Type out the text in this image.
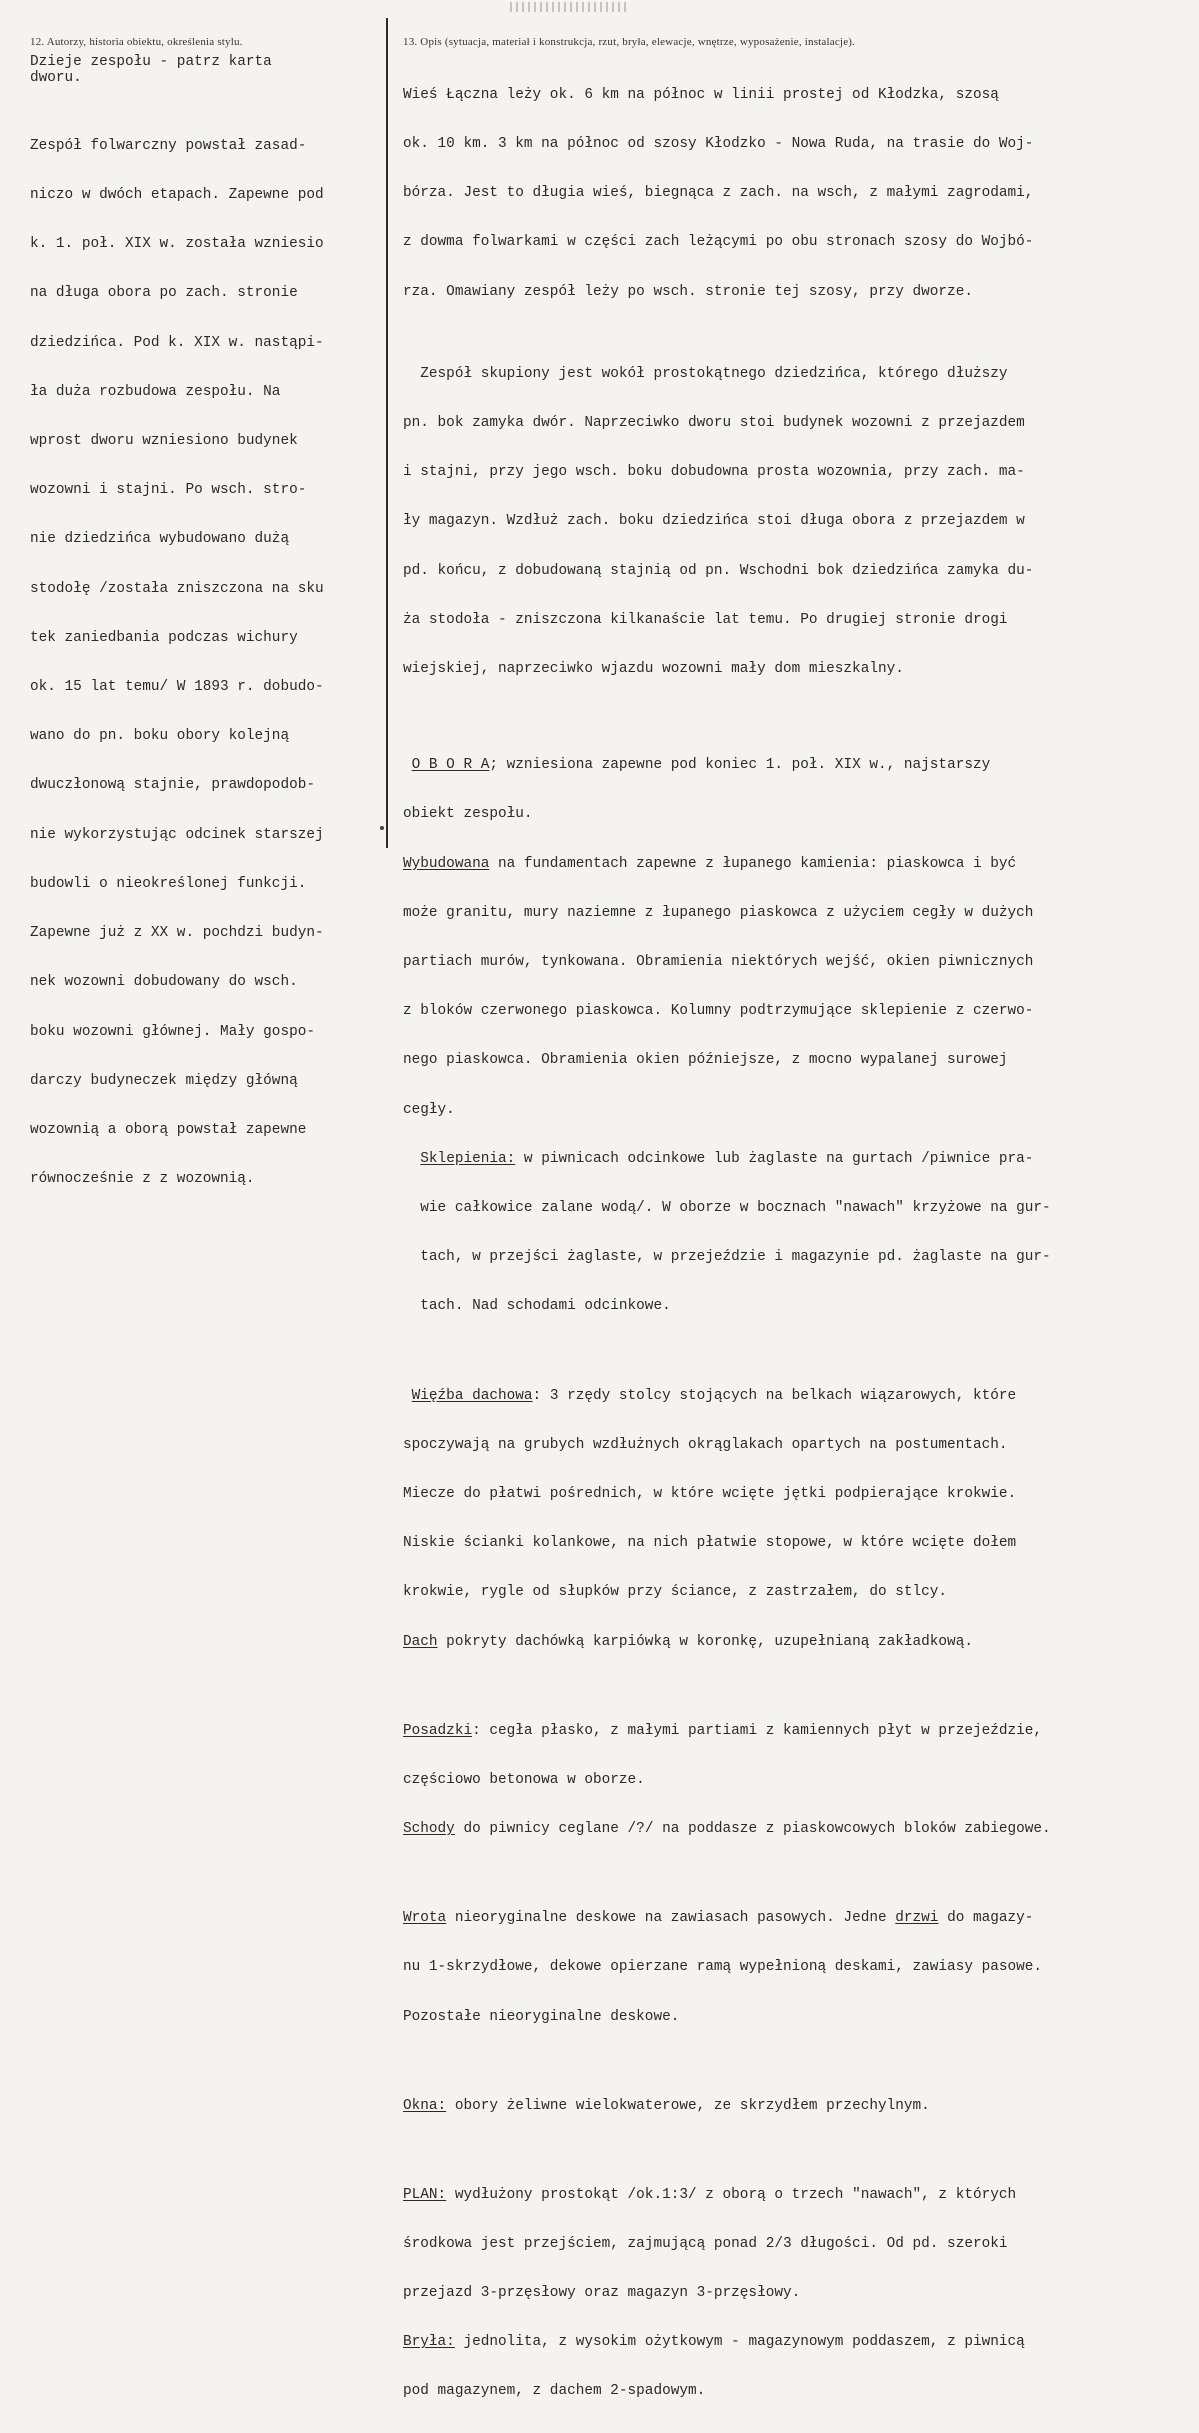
12. Autorzy, historia obiektu, określenia stylu.
Dzieje zespołu - patrz karta
dworu.

Zespół folwarczny powstał zasad-

niczo w dwóch etapach. Zapewne pod

k. 1. poł. XIX w. została wzniesio

na długa obora po zach. stronie

dziedzińca. Pod k. XIX w. nastąpi-

ła duża rozbudowa zespołu. Na

wprost dworu wzniesiono budynek

wozowni i stajni. Po wsch. stro-

nie dziedzińca wybudowano dużą

stodołę /została zniszczona na sku

tek zaniedbania podczas wichury

ok. 15 lat temu/ W 1893 r. dobudo-

wano do pn. boku obory kolejną

dwuczłonową stajnie, prawdopodob-

nie wykorzystując odcinek starszej

budowli o nieokreślonej funkcji.

Zapewne już z XX w. pochdzi budyn-

nek wozowni dobudowany do wsch.

boku wozowni głównej. Mały gospo-

darczy budyneczek między główną

wozownią a oborą powstał zapewne

równocześnie z z wozownią.

13. Opis (sytuacja, materiał i konstrukcja, rzut, bryła, elewacje, wnętrze, wyposażenie, instalacje).

Wieś Łączna leży ok. 6 km na północ w linii prostej od Kłodzka, szosą

ok. 10 km. 3 km na północ od szosy Kłodzko - Nowa Ruda, na trasie do Woj-

bórza. Jest to długia wieś, biegnąca z zach. na wsch, z małymi zagrodami,

z dowma folwarkami w części zach leżącymi po obu stronach szosy do Wojbó-

rza. Omawiany zespół leży po wsch. stronie tej szosy, przy dworze.

Zespół skupiony jest wokół prostokątnego dziedzińca, którego dłuższy

pn. bok zamyka dwór. Naprzeciwko dworu stoi budynek wozowni z przejazdem

i stajni, przy jego wsch. boku dobudowna prosta wozownia, przy zach. ma-

ły magazyn. Wzdłuż zach. boku dziedzińca stoi długa obora z przejazdem w

pd. końcu, z dobudowaną stajnią od pn. Wschodni bok dziedzińca zamyka du-

ża stodoła - zniszczona kilkanaście lat temu. Po drugiej stronie drogi

wiejskiej, naprzeciwko wjazdu wozowni mały dom mieszkalny.

O B O R A; wzniesiona zapewne pod koniec 1. poł. XIX w., najstarszy

obiekt zespołu.

Wybudowana na fundamentach zapewne z łupanego kamienia: piaskowca i być

może granitu, mury naziemne z łupanego piaskowca z użyciem cegły w dużych

partiach murów, tynkowana. Obramienia niektórych wejść, okien piwnicznych

z bloków czerwonego piaskowca. Kolumny podtrzymujące sklepienie z czerwo-

nego piaskowca. Obramienia okien późniejsze, z mocno wypalanej surowej

cegły.

Sklepienia: w piwnicach odcinkowe lub żaglaste na gurtach /piwnice pra-

wie całkowice zalane wodą/. W oborze w bocznach "nawach" krzyżowe na gur-

tach, w przejści żaglaste, w przejeździe i magazynie pd. żaglaste na gur-

tach. Nad schodami odcinkowe.

Więźba dachowa: 3 rzędy stolcy stojących na belkach wiązarowych, które

spoczywają na grubych wzdłużnych okrąglakach opartych na postumentach.

Miecze do płatwi pośrednich, w które wcięte jętki podpierające krokwie.

Niskie ścianki kolankowe, na nich płatwie stopowe, w które wcięte dołem

krokwie, rygle od słupków przy ściance, z zastrzałem, do stlcy.

Dach pokryty dachówką karpiówką w koronkę, uzupełnianą zakładkową.

Posadzki: cegła płasko, z małymi partiami z kamiennych płyt w przejeździe,

częściowo betonowa w oborze.

Schody do piwnicy ceglane /?/ na poddasze z piaskowcowych bloków zabiegowe.

Wrota nieoryginalne deskowe na zawiasach pasowych. Jedne drzwi do magazy-

nu 1-skrzydłowe, dekowe opierzane ramą wypełnioną deskami, zawiasy pasowe.

Pozostałe nieoryginalne deskowe.

Okna: obory żeliwne wielokwaterowe, ze skrzydłem przechylnym.

PLAN: wydłużony prostokąt /ok.1:3/ z oborą o trzech "nawach", z których

środkowa jest przejściem, zajmującą ponad 2/3 długości. Od pd. szeroki

przejazd 3-przęsłowy oraz magazyn 3-przęsłowy.

Bryła: jednolita, z wysokim ożytkowym - magazynowym poddaszem, z piwnicą

pod magazynem, z dachem 2-spadowym.
